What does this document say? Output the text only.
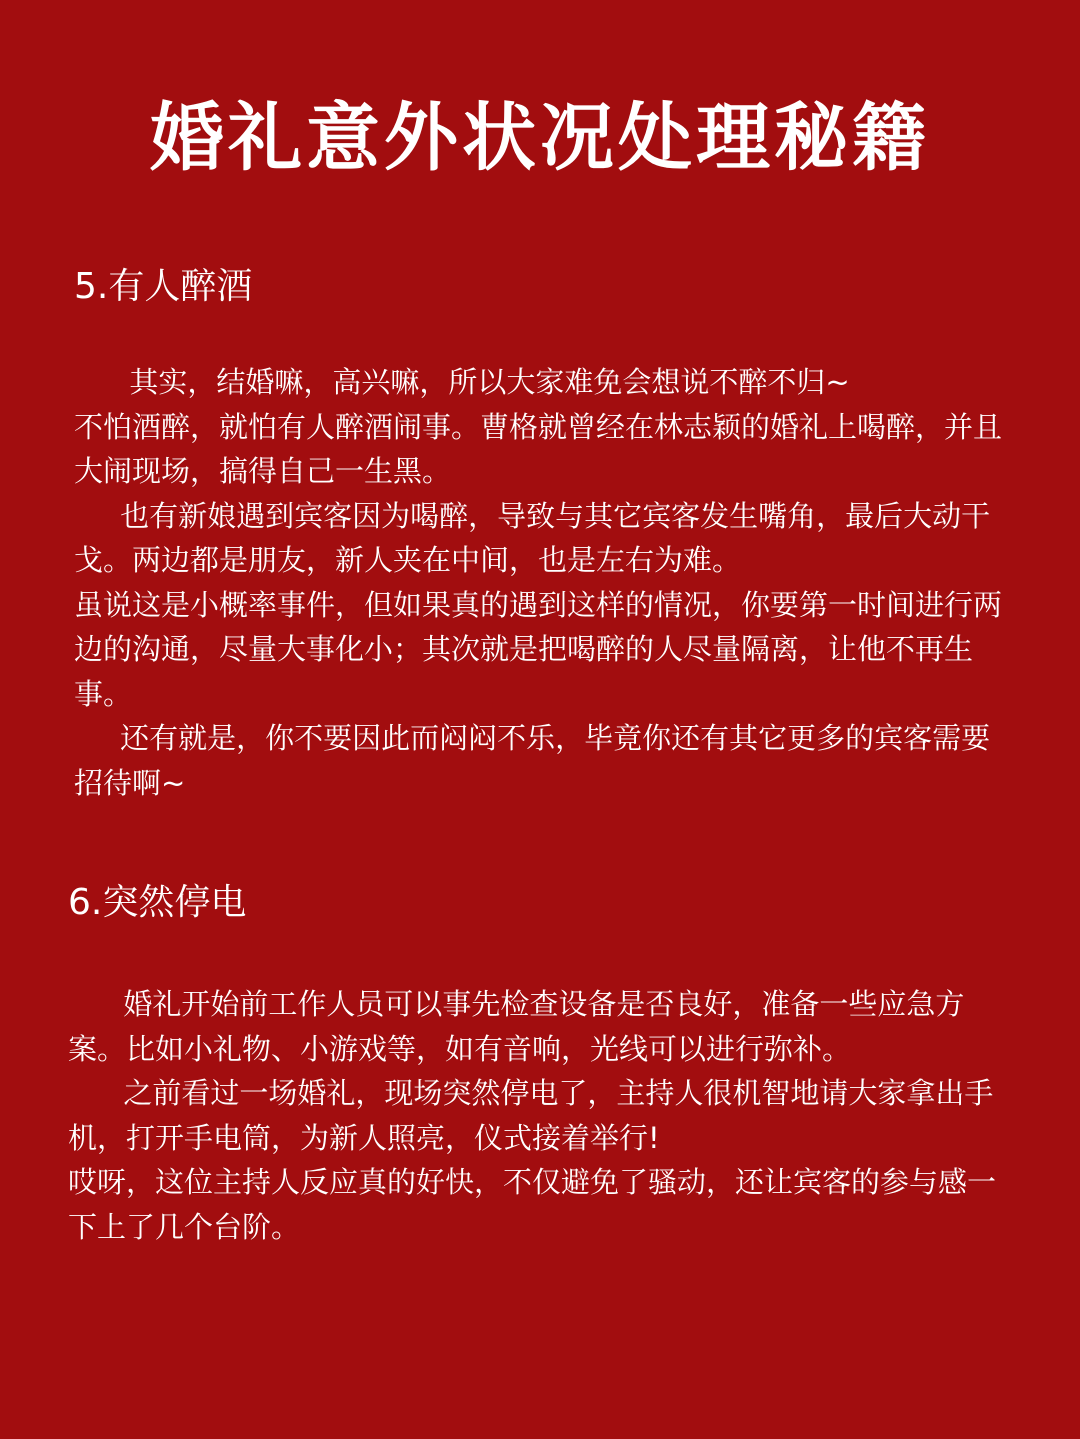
婚礼意外状况处理秘籍
5.有人醉酒

其实，结婚嘛，高兴嘛，所以大家难免会想说不醉不归~

不怕酒醉，就怕有人醉酒闹事。曹格就曾经在林志颖的婚礼上喝醉，并且大闹现场，搞得自己一生黑。

也有新娘遇到宾客因为喝醉，导致与其它宾客发生嘴角，最后大动干戈。两边都是朋友，新人夹在中间，也是左右为难。

虽说这是小概率事件，但如果真的遇到这样的情况，你要第一时间进行两边的沟通，尽量大事化小；其次就是把喝醉的人尽量隔离，让他不再生事。

还有就是，你不要因此而闷闷不乐，毕竟你还有其它更多的宾客需要招待啊~

6.突然停电

婚礼开始前工作人员可以事先检查设备是否良好，准备一些应急方案。比如小礼物、小游戏等，如有音响，光线可以进行弥补。

之前看过一场婚礼，现场突然停电了，主持人很机智地请大家拿出手机，打开手电筒，为新人照亮，仪式接着举行!

哎呀，这位主持人反应真的好快，不仅避免了骚动，还让宾客的参与感一下上了几个台阶。
